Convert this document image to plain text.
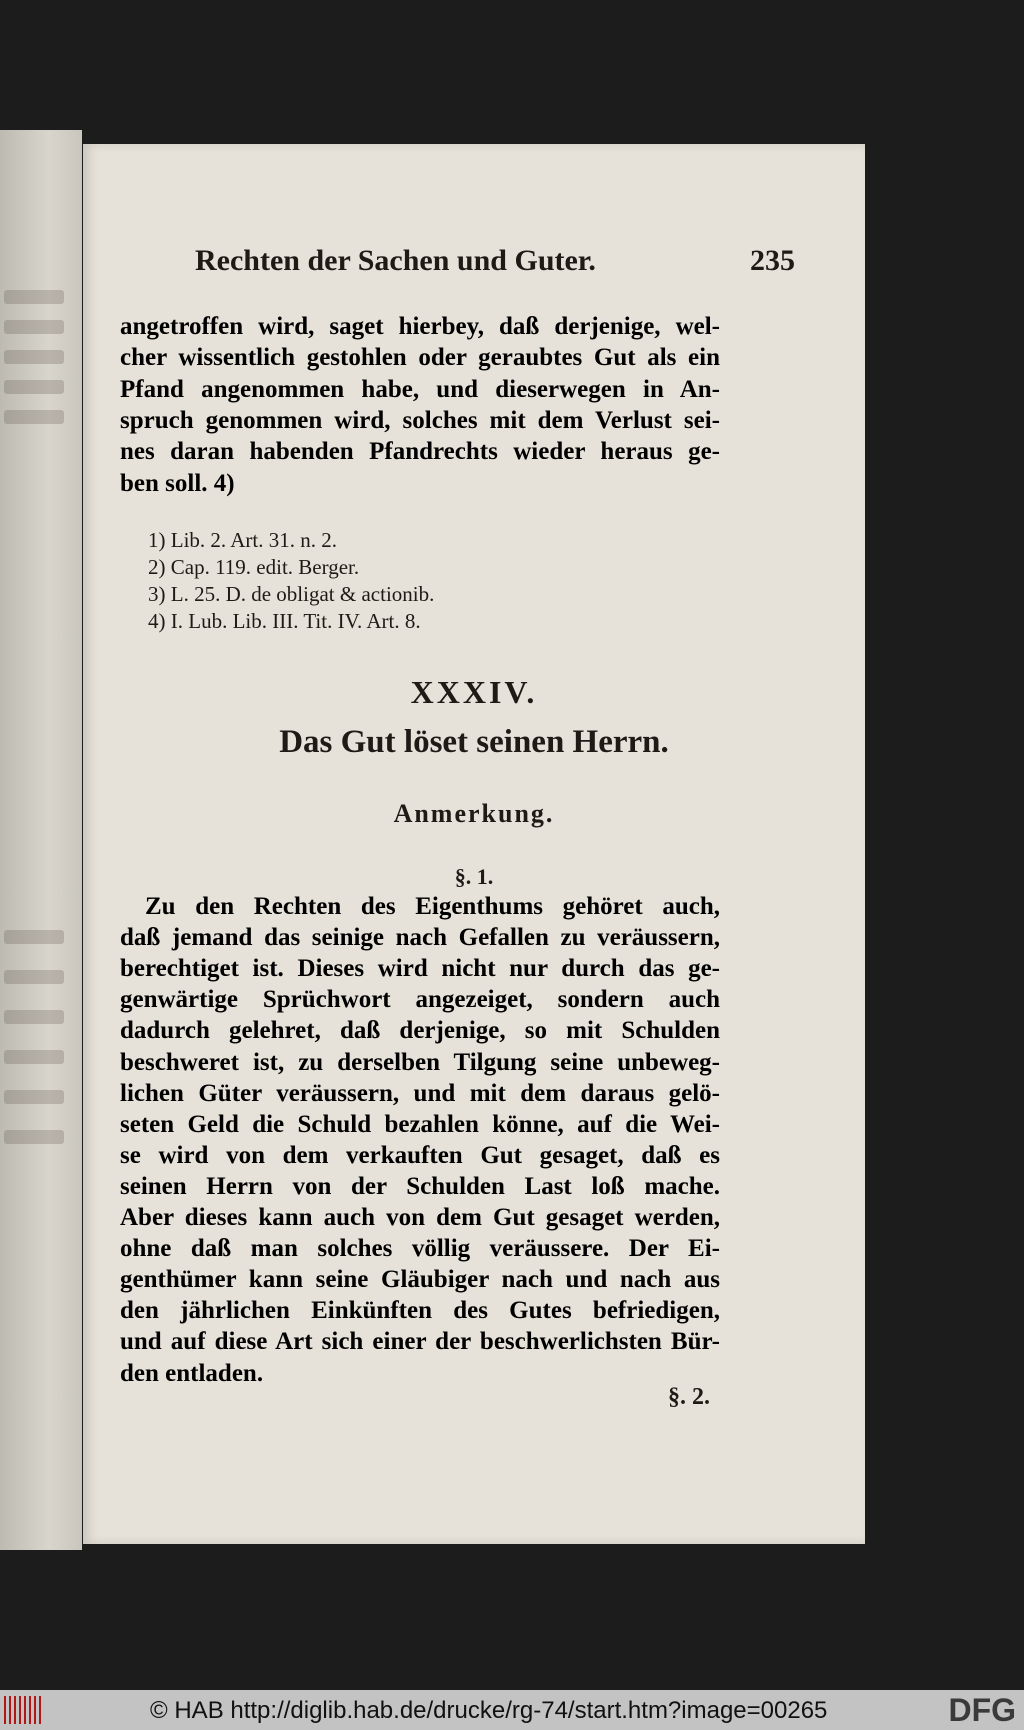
Rechten der Sachen und Guter.	235
angetroffen wird, saget hierbey, daß derjenige, wel-
cher wissentlich gestohlen oder geraubtes Gut als ein
Pfand angenommen habe, und dieserwegen in An-
spruch genommen wird, solches mit dem Verlust sei-
nes daran habenden Pfandrechts wieder heraus ge-
ben soll. 4)
1) Lib. 2. Art. 31. n. 2.
2) Cap. 119. edit. Berger.
3) L. 25. D. de obligat & actionib.
4) I. Lub. Lib. III. Tit. IV. Art. 8.
XXXIV.
Das Gut löset seinen Herrn.
Anmerkung.
§. 1.
Zu den Rechten des Eigenthums gehöret auch,
daß jemand das seinige nach Gefallen zu veräussern,
berechtiget ist. Dieses wird nicht nur durch das ge-
genwärtige Sprüchwort angezeiget, sondern auch
dadurch gelehret, daß derjenige, so mit Schulden
beschweret ist, zu derselben Tilgung seine unbeweg-
lichen Güter veräussern, und mit dem daraus gelö-
seten Geld die Schuld bezahlen könne, auf die Wei-
se wird von dem verkauften Gut gesaget, daß es
seinen Herrn von der Schulden Last loß mache.
Aber dieses kann auch von dem Gut gesaget werden,
ohne daß man solches völlig veräussere. Der Ei-
genthümer kann seine Gläubiger nach und nach aus
den jährlichen Einkünften des Gutes befriedigen,
und auf diese Art sich einer der beschwerlichsten Bür-
den entladen.
§. 2.
© HAB http://diglib.hab.de/drucke/rg-74/start.htm?image=00265	DFG
